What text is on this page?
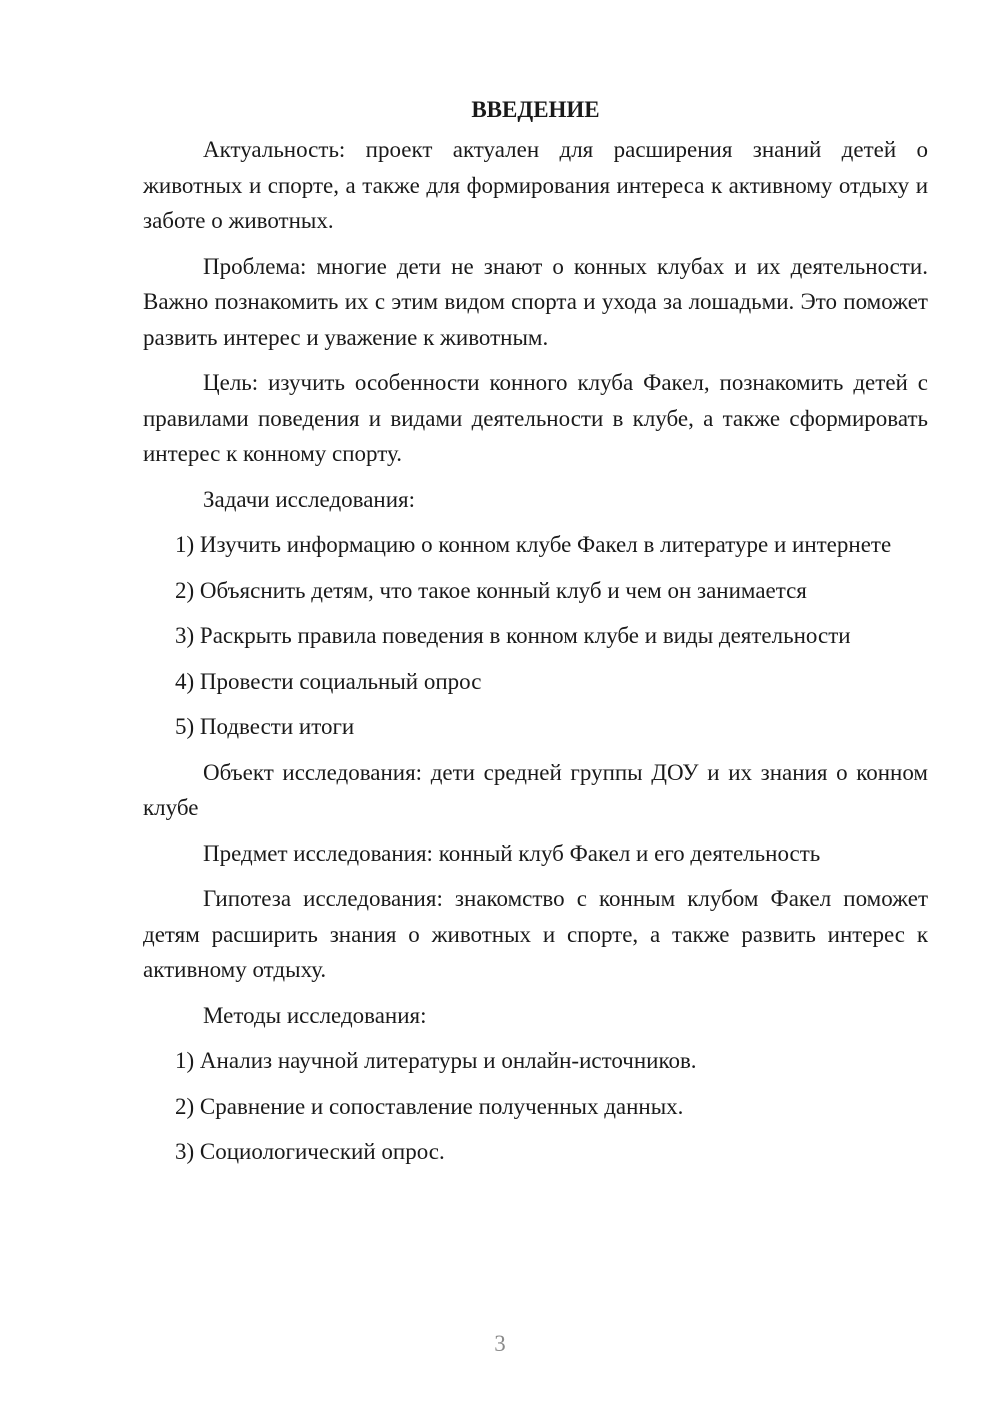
ВВЕДЕНИЕ

Актуальность: проект актуален для расширения знаний детей о животных и спорте, а также для формирования интереса к активному отдыху и заботе о животных.

Проблема: многие дети не знают о конных клубах и их деятельности. Важно познакомить их с этим видом спорта и ухода за лошадьми. Это поможет развить интерес и уважение к животным.

Цель: изучить особенности конного клуба Факел, познакомить детей с правилами поведения и видами деятельности в клубе, а также сформировать интерес к конному спорту.

Задачи исследования:

1) Изучить информацию о конном клубе Факел в литературе и интернете

2) Объяснить детям, что такое конный клуб и чем он занимается

3) Раскрыть правила поведения в конном клубе и виды деятельности

4) Провести социальный опрос

5) Подвести итоги

Объект исследования: дети средней группы ДОУ и их знания о конном клубе

Предмет исследования: конный клуб Факел и его деятельность

Гипотеза исследования: знакомство с конным клубом Факел поможет детям расширить знания о животных и спорте, а также развить интерес к активному отдыху.

Методы исследования:

1) Анализ научной литературы и онлайн-источников.

2) Сравнение и сопоставление полученных данных.

3) Социологический опрос.

3
